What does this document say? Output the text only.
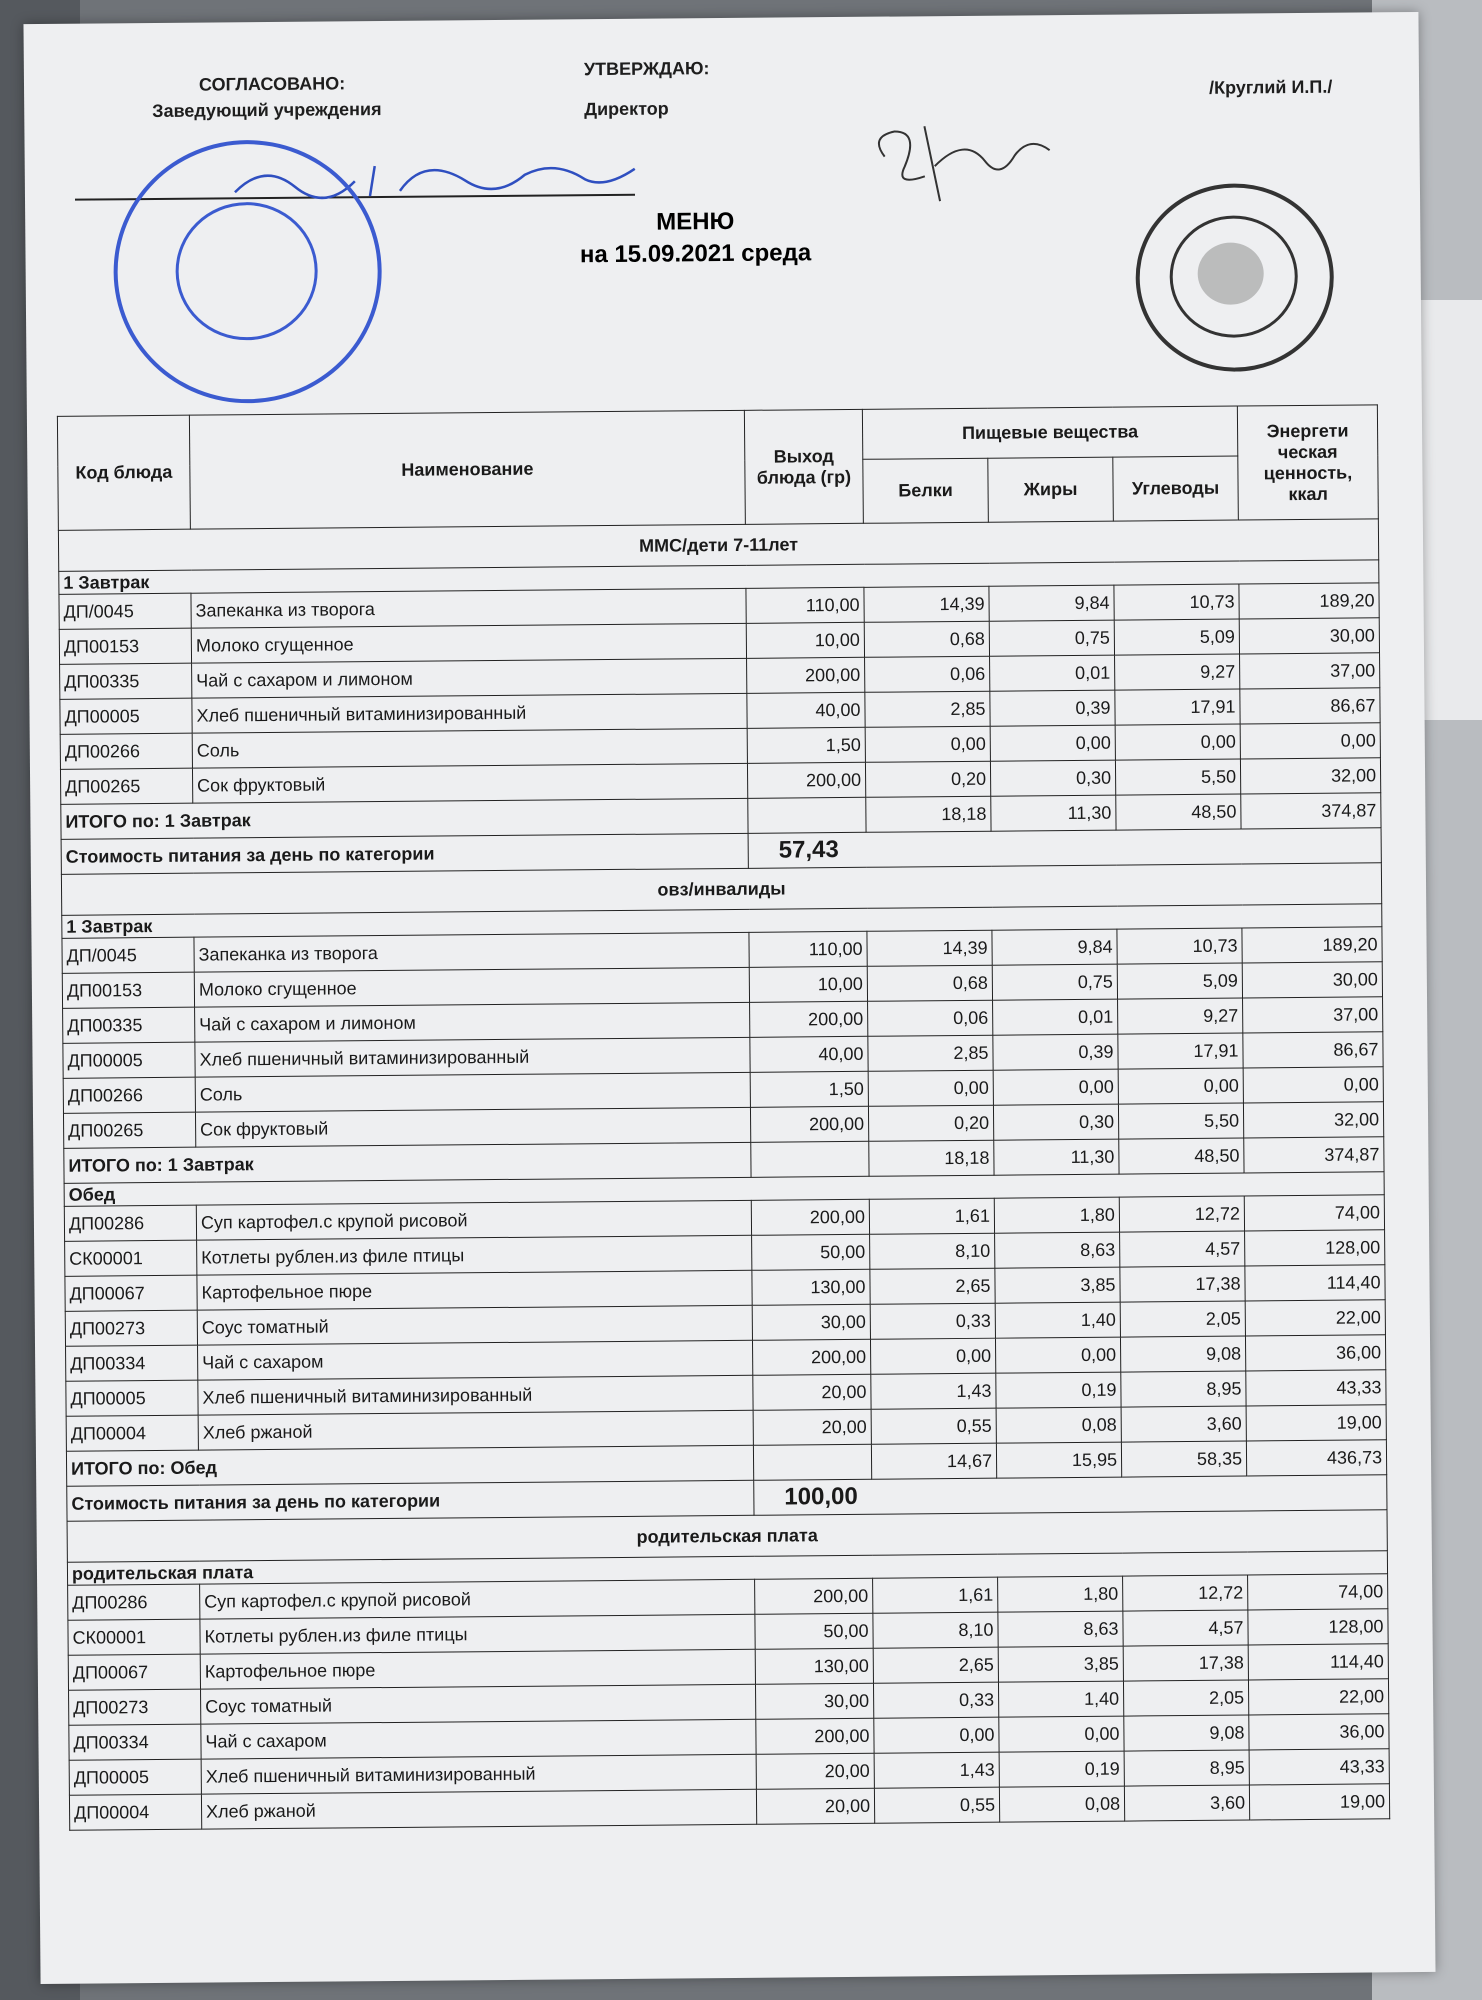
СОГЛАСОВАНО:
Заведующий учреждения
УТВЕРЖДАЮ:
Директор
/Круглий И.П./
МЕНЮ
на 15.09.2021 среда
Код блюда	Наименование	Выход блюда (гр)	Пищевые вещества			Энергети ческая ценность, ккал
			Белки	Жиры	Углеводы	
ММС/дети 7-11лет						
1 Завтрак						
ДП/0045	Запеканка из творога	110,00	14,39	9,84	10,73	189,20
ДП00153	Молоко сгущенное	10,00	0,68	0,75	5,09	30,00
ДП00335	Чай с сахаром и лимоном	200,00	0,06	0,01	9,27	37,00
ДП00005	Хлеб пшеничный витаминизированный	40,00	2,85	0,39	17,91	86,67
ДП00266	Соль	1,50	0,00	0,00	0,00	0,00
ДП00265	Сок фруктовый	200,00	0,20	0,30	5,50	32,00
ИТОГО по: 1 Завтрак			18,18	11,30	48,50	374,87
Стоимость питания за день по категории		57,43				
овз/инвалиды						
1 Завтрак						
ДП/0045	Запеканка из творога	110,00	14,39	9,84	10,73	189,20
ДП00153	Молоко сгущенное	10,00	0,68	0,75	5,09	30,00
ДП00335	Чай с сахаром и лимоном	200,00	0,06	0,01	9,27	37,00
ДП00005	Хлеб пшеничный витаминизированный	40,00	2,85	0,39	17,91	86,67
ДП00266	Соль	1,50	0,00	0,00	0,00	0,00
ДП00265	Сок фруктовый	200,00	0,20	0,30	5,50	32,00
ИТОГО по: 1 Завтрак			18,18	11,30	48,50	374,87
Обед						
ДП00286	Суп картофел.с крупой рисовой	200,00	1,61	1,80	12,72	74,00
СК00001	Котлеты рублен.из филе птицы	50,00	8,10	8,63	4,57	128,00
ДП00067	Картофельное пюре	130,00	2,65	3,85	17,38	114,40
ДП00273	Соус томатный	30,00	0,33	1,40	2,05	22,00
ДП00334	Чай с сахаром	200,00	0,00	0,00	9,08	36,00
ДП00005	Хлеб пшеничный витаминизированный	20,00	1,43	0,19	8,95	43,33
ДП00004	Хлеб ржаной	20,00	0,55	0,08	3,60	19,00
ИТОГО по: Обед			14,67	15,95	58,35	436,73
Стоимость питания за день по категории		100,00				
родительская плата						
родительская плата						
ДП00286	Суп картофел.с крупой рисовой	200,00	1,61	1,80	12,72	74,00
СК00001	Котлеты рублен.из филе птицы	50,00	8,10	8,63	4,57	128,00
ДП00067	Картофельное пюре	130,00	2,65	3,85	17,38	114,40
ДП00273	Соус томатный	30,00	0,33	1,40	2,05	22,00
ДП00334	Чай с сахаром	200,00	0,00	0,00	9,08	36,00
ДП00005	Хлеб пшеничный витаминизированный	20,00	1,43	0,19	8,95	43,33
ДП00004	Хлеб ржаной	20,00	0,55	0,08	3,60	19,00
